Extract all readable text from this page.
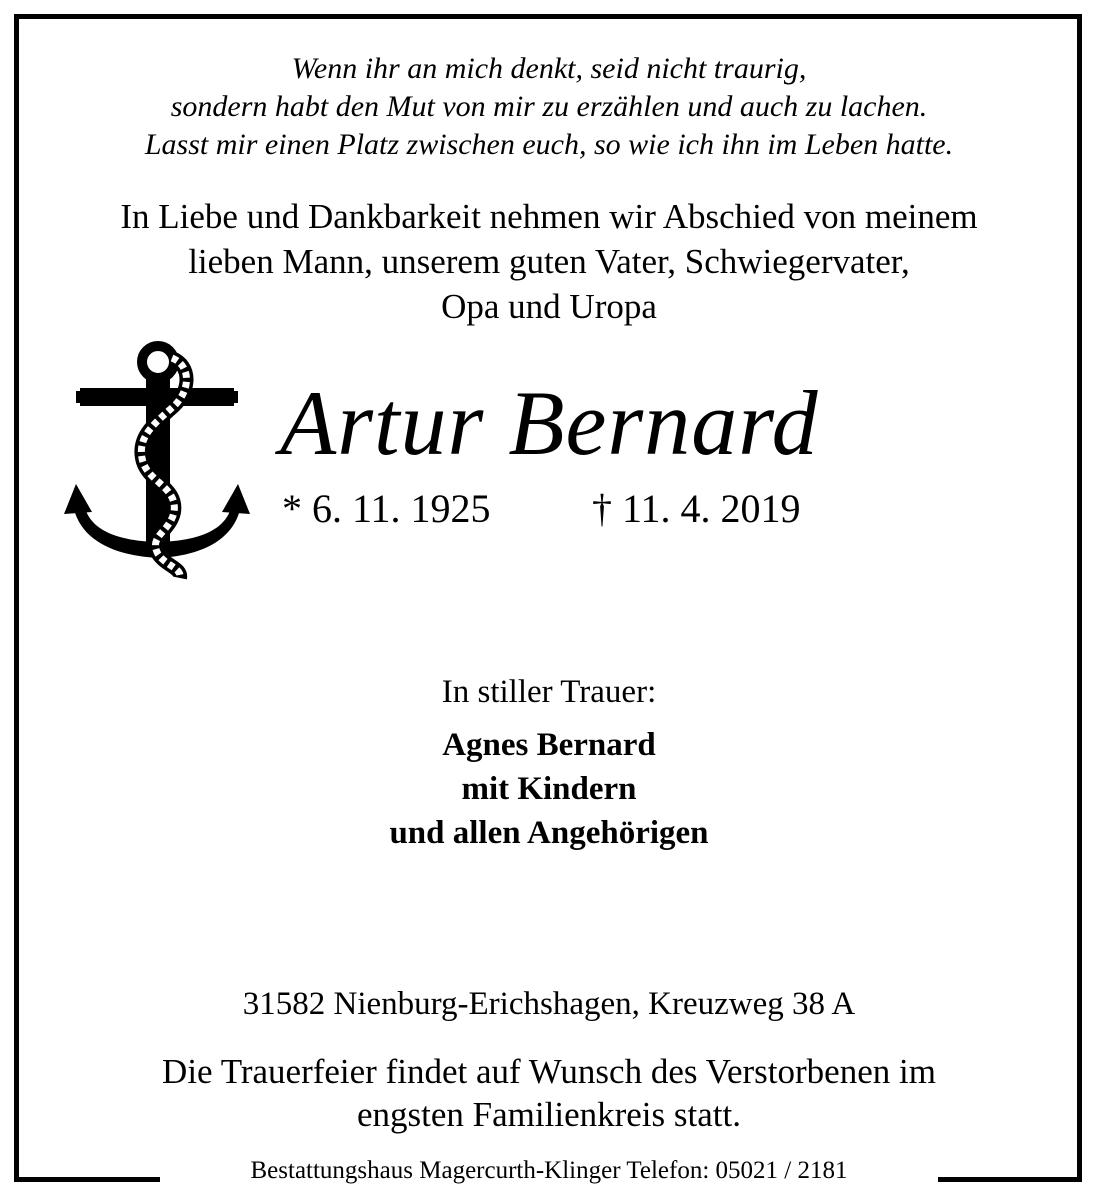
Wenn ihr an mich denkt, seid nicht traurig,
sondern habt den Mut von mir zu erzählen und auch zu lachen.
Lasst mir einen Platz zwischen euch, so wie ich ihn im Leben hatte.
In Liebe und Dankbarkeit nehmen wir Abschied von meinem
lieben Mann, unserem guten Vater, Schwiegervater,
Opa und Uropa
Artur Bernard
* 6. 11. 1925	† 11. 4. 2019
In stiller Trauer:
Agnes Bernard
mit Kindern
und allen Angehörigen
31582 Nienburg-Erichshagen, Kreuzweg 38 A
Die Trauerfeier findet auf Wunsch des Verstorbenen im
engsten Familienkreis statt.
Bestattungshaus Magercurth-Klinger Telefon: 05021 / 2181
